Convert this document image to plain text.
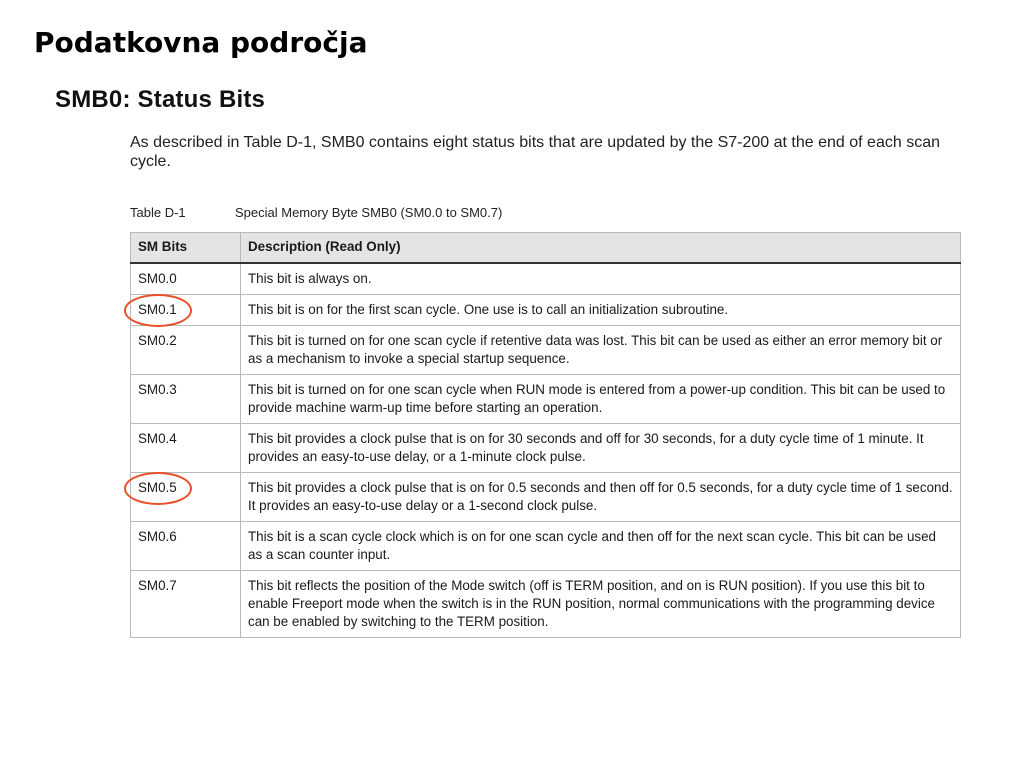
Podatkovna področja
SMB0: Status Bits

As described in Table D-1, SMB0 contains eight status bits that are updated by the S7-200 at the end of each scan cycle.

Table D-1	Special Memory Byte SMB0 (SM0.0 to SM0.7)
SM Bits	Description (Read Only)
SM0.0	This bit is always on.
SM0.1	This bit is on for the first scan cycle. One use is to call an initialization subroutine.
SM0.2	This bit is turned on for one scan cycle if retentive data was lost. This bit can be used as either an error memory bit or as a mechanism to invoke a special startup sequence.
SM0.3	This bit is turned on for one scan cycle when RUN mode is entered from a power-up condition. This bit can be used to provide machine warm-up time before starting an operation.
SM0.4	This bit provides a clock pulse that is on for 30 seconds and off for 30 seconds, for a duty cycle time of 1 minute. It provides an easy-to-use delay, or a 1-minute clock pulse.
SM0.5	This bit provides a clock pulse that is on for 0.5 seconds and then off for 0.5 seconds, for a duty cycle time of 1 second. It provides an easy-to-use delay or a 1-second clock pulse.
SM0.6	This bit is a scan cycle clock which is on for one scan cycle and then off for the next scan cycle. This bit can be used as a scan counter input.
SM0.7	This bit reflects the position of the Mode switch (off is TERM position, and on is RUN position). If you use this bit to enable Freeport mode when the switch is in the RUN position, normal communications with the programming device can be enabled by switching to the TERM position.
